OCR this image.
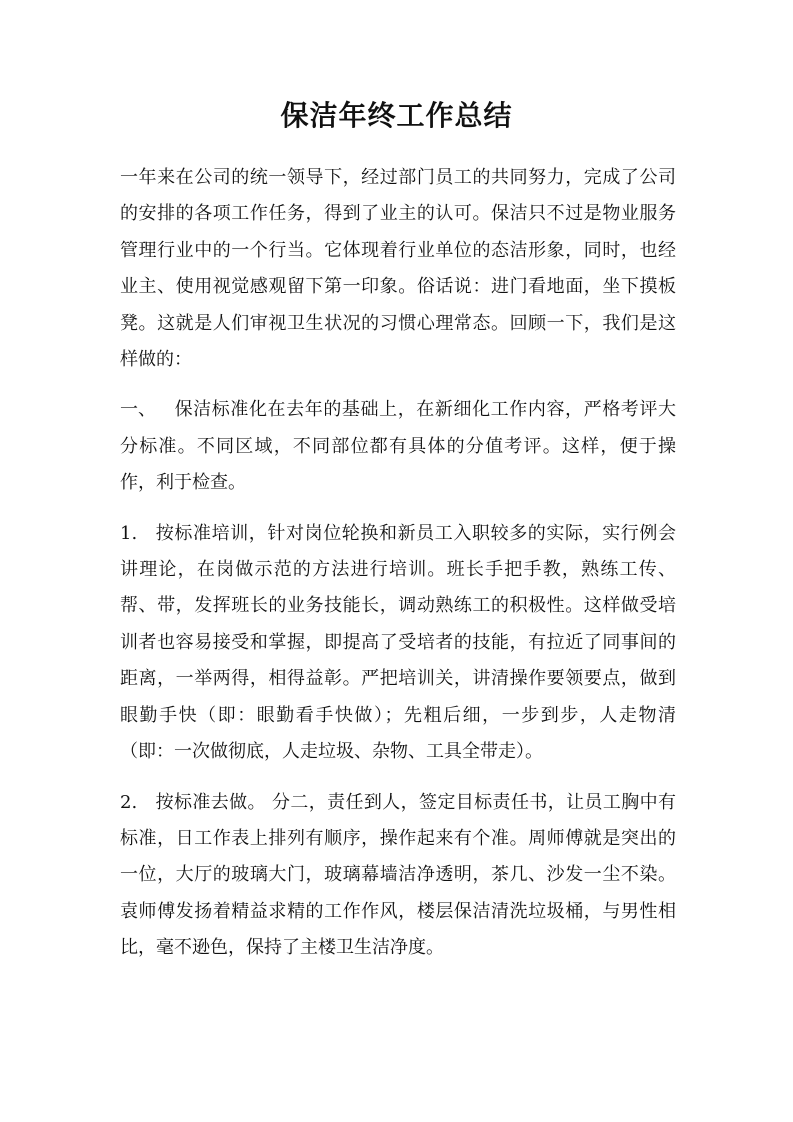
保洁年终工作总结

一年来在公司的统一领导下，经过部门员工的共同努力，完成了公司的安排的各项工作任务，得到了业主的认可。保洁只不过是物业服务管理行业中的一个行当。它体现着行业单位的态洁形象，同时，也经业主、使用视觉感观留下第一印象。俗话说：进门看地面，坐下摸板凳。这就是人们审视卫生状况的习惯心理常态。回顾一下，我们是这样做的：

一、 保洁标准化在去年的基础上，在新细化工作内容，严格考评大分标准。不同区域，不同部位都有具体的分值考评。这样，便于操作，利于检查。

1. 按标准培训，针对岗位轮换和新员工入职较多的实际，实行例会讲理论，在岗做示范的方法进行培训。班长手把手教，熟练工传、帮、带，发挥班长的业务技能长，调动熟练工的积极性。这样做受培训者也容易接受和掌握，即提高了受培者的技能，有拉近了同事间的距离，一举两得，相得益彰。严把培训关，讲清操作要领要点，做到眼勤手快（即：眼勤看手快做）；先粗后细，一步到步，人走物清（即：一次做彻底，人走垃圾、杂物、工具全带走）。

2. 按标准去做。 分二，责任到人，签定目标责任书，让员工胸中有标准，日工作表上排列有顺序，操作起来有个准。周师傅就是突出的一位，大厅的玻璃大门，玻璃幕墙洁净透明，茶几、沙发一尘不染。袁师傅发扬着精益求精的工作作风，楼层保洁清洗垃圾桶，与男性相比，毫不逊色，保持了主楼卫生洁净度。
